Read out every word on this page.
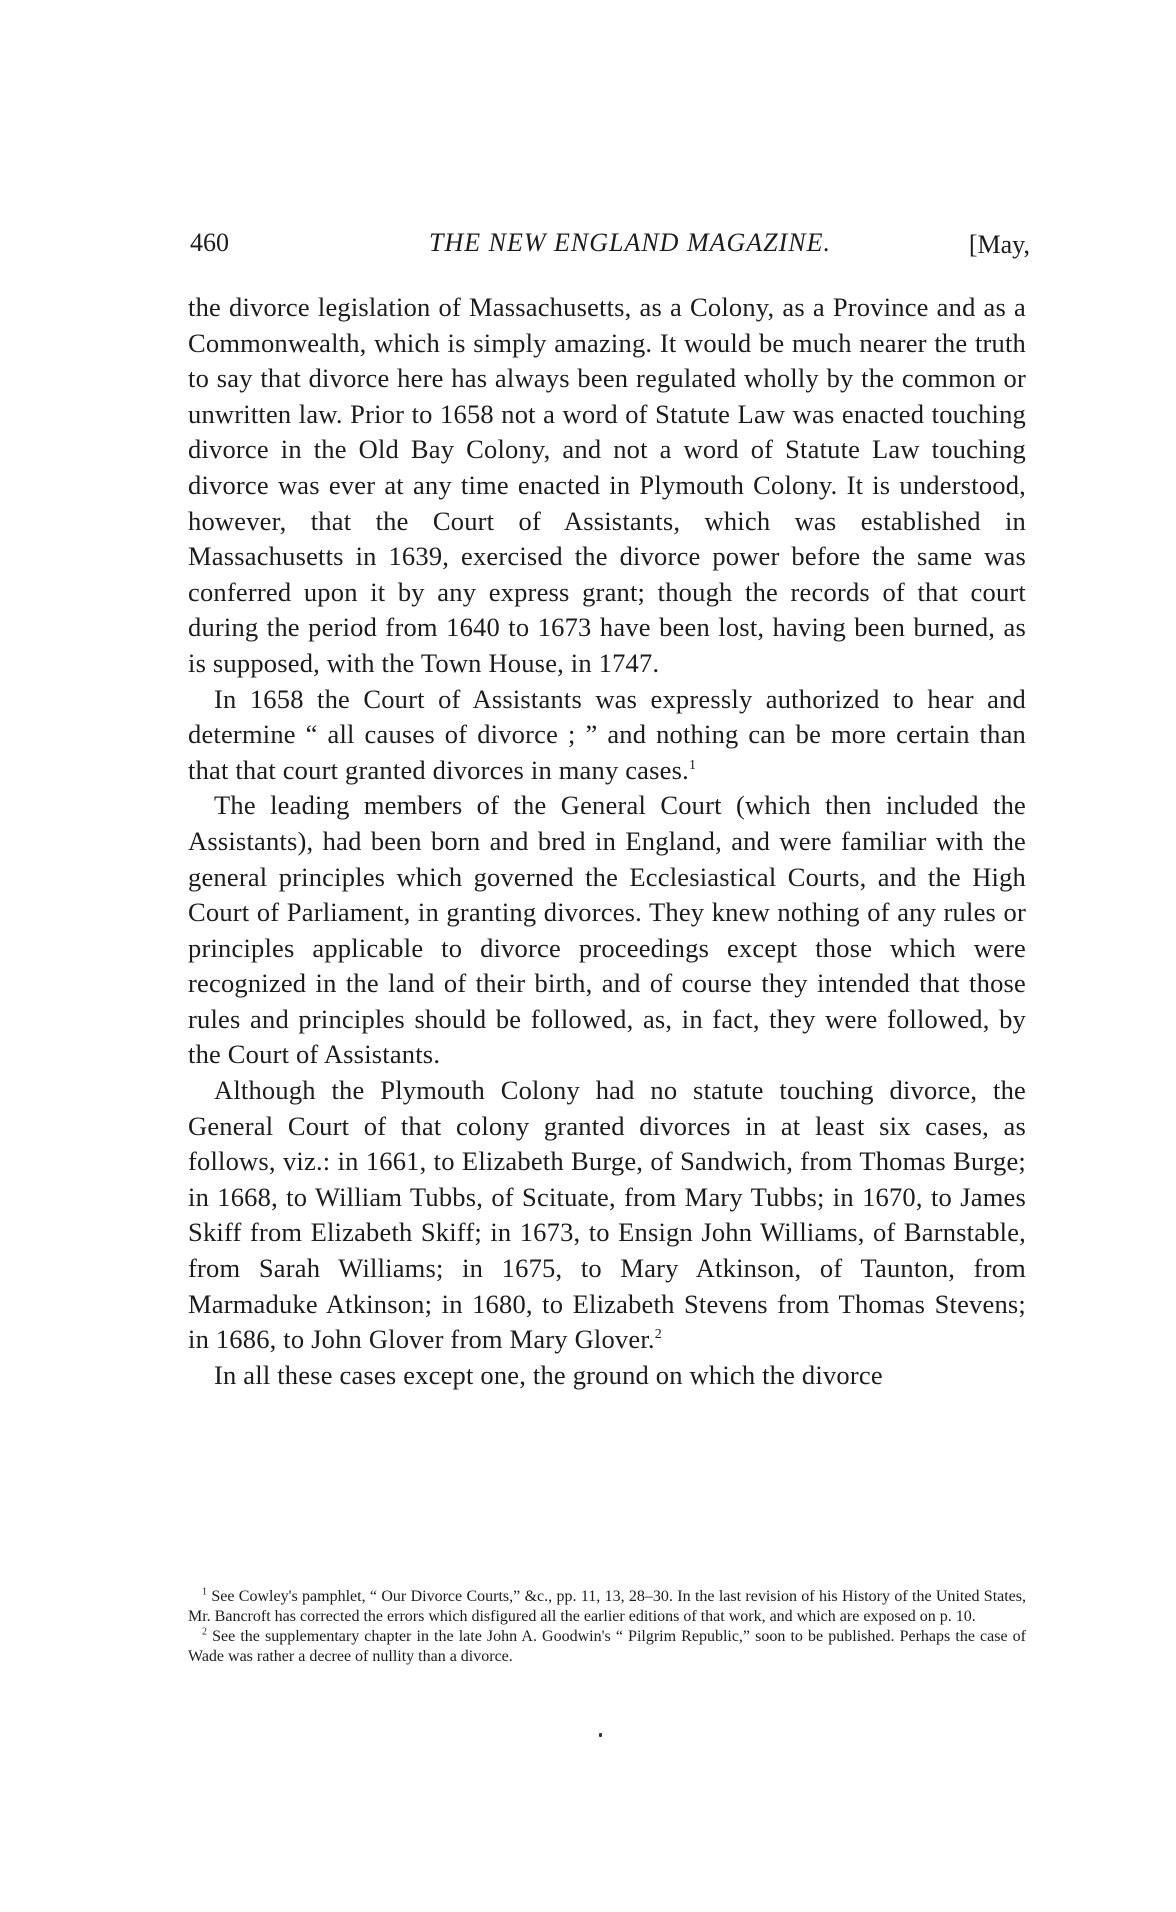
460	THE NEW ENGLAND MAGAZINE.	[May,

the divorce legislation of Massachusetts, as a Colony, as a Province and as a Commonwealth, which is simply amazing. It would be much nearer the truth to say that divorce here has always been regulated wholly by the common or unwritten law. Prior to 1658 not a word of Statute Law was enacted touching divorce in the Old Bay Colony, and not a word of Statute Law touching divorce was ever at any time enacted in Plymouth Colony. It is understood, however, that the Court of Assistants, which was established in Massachusetts in 1639, exercised the divorce power before the same was conferred upon it by any express grant; though the records of that court during the period from 1640 to 1673 have been lost, having been burned, as is supposed, with the Town House, in 1747.

In 1658 the Court of Assistants was expressly authorized to hear and determine “ all causes of divorce ; ” and nothing can be more certain than that that court granted divorces in many cases.$^1$

The leading members of the General Court (which then included the Assistants), had been born and bred in England, and were familiar with the general principles which governed the Ecclesiastical Courts, and the High Court of Parliament, in granting divorces. They knew nothing of any rules or principles applicable to divorce proceedings except those which were recognized in the land of their birth, and of course they intended that those rules and principles should be followed, as, in fact, they were followed, by the Court of Assistants.

Although the Plymouth Colony had no statute touching divorce, the General Court of that colony granted divorces in at least six cases, as follows, viz.: in 1661, to Elizabeth Burge, of Sandwich, from Thomas Burge; in 1668, to William Tubbs, of Scituate, from Mary Tubbs; in 1670, to James Skiff from Elizabeth Skiff; in 1673, to Ensign John Williams, of Barnstable, from Sarah Williams; in 1675, to Mary Atkinson, of Taunton, from Marmaduke Atkinson; in 1680, to Elizabeth Stevens from Thomas Stevens; in 1686, to John Glover from Mary Glover.$^2$

In all these cases except one, the ground on which the divorce

$^1$ See Cowley's pamphlet, “ Our Divorce Courts,” &c., pp. 11, 13, 28–30. In the last revision of his History of the United States, Mr. Bancroft has corrected the errors which disfigured all the earlier editions of that work, and which are exposed on p. 10.

$^2$ See the supplementary chapter in the late John A. Goodwin's “ Pilgrim Republic,” soon to be published. Perhaps the case of Wade was rather a decree of nullity than a divorce.
